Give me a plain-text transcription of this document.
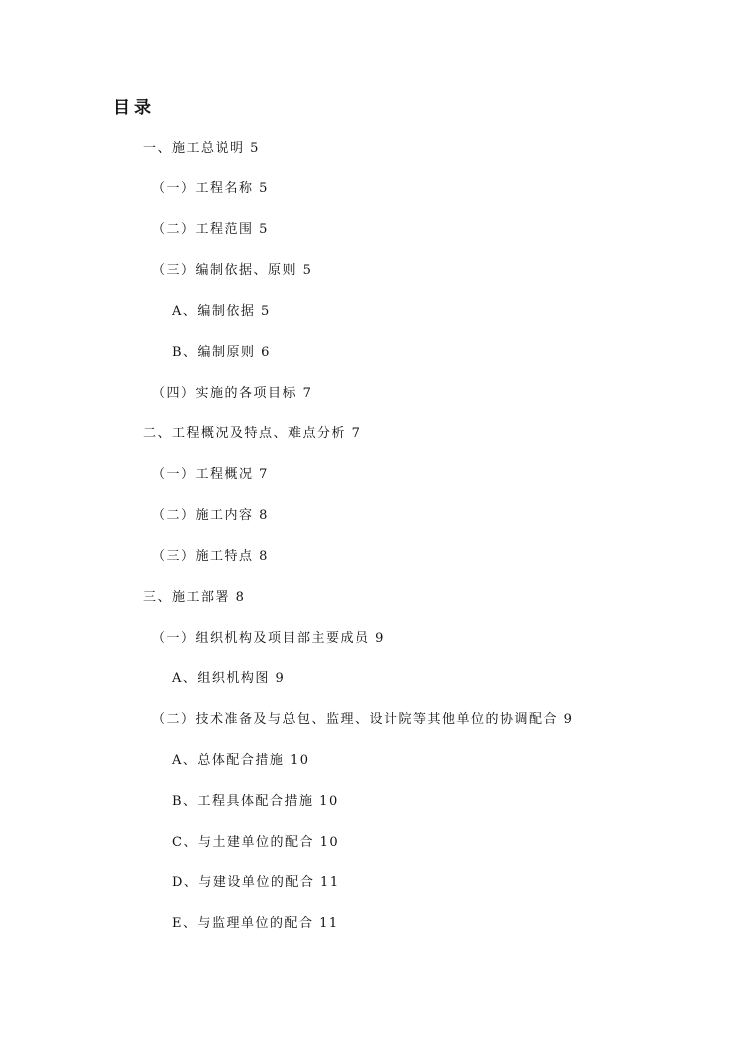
目录
一、施工总说明 5
（一）工程名称 5
（二）工程范围 5
（三）编制依据、原则 5
A、编制依据 5
B、编制原则 6
（四）实施的各项目标 7
二、工程概况及特点、难点分析 7
（一）工程概况 7
（二）施工内容 8
（三）施工特点 8
三、施工部署 8
（一）组织机构及项目部主要成员 9
A、组织机构图 9
（二）技术准备及与总包、监理、设计院等其他单位的协调配合 9
A、总体配合措施 10
B、工程具体配合措施 10
C、与土建单位的配合 10
D、与建设单位的配合 11
E、与监理单位的配合 11
